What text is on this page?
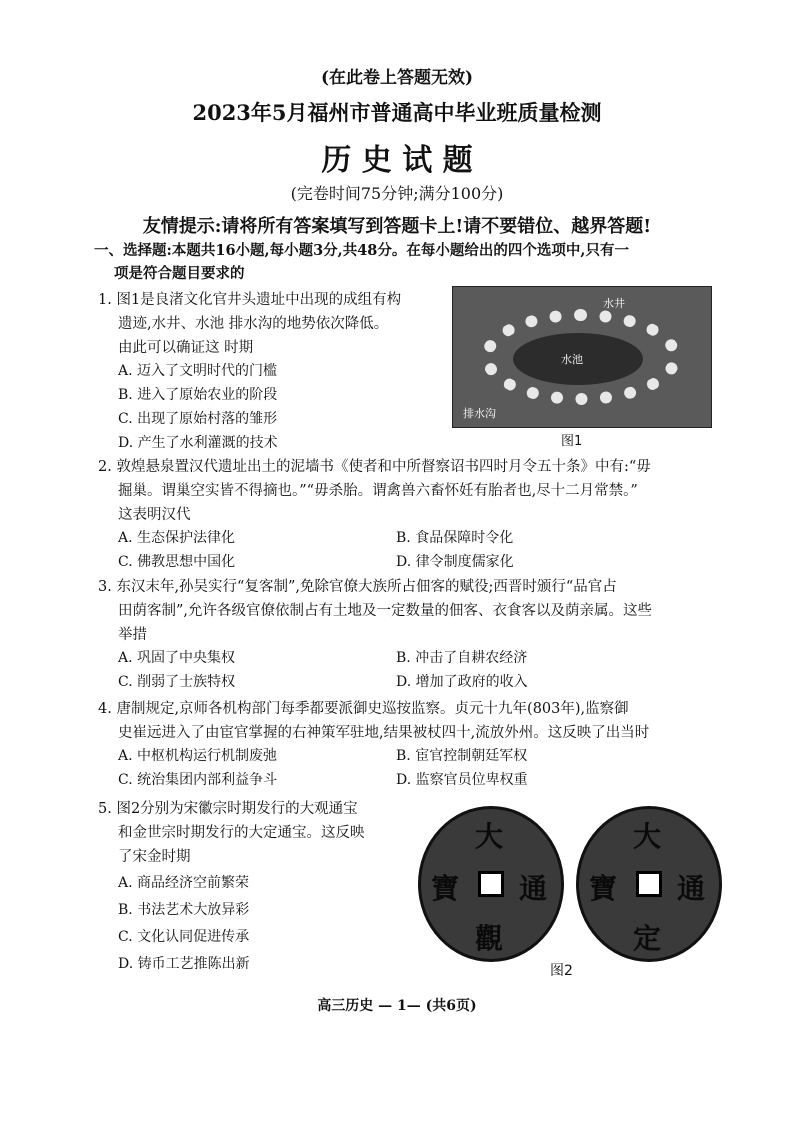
(在此卷上答题无效)
2023年5月福州市普通高中毕业班质量检测
历 史 试 题
(完卷时间75分钟;满分100分)
友情提示:请将所有答案填写到答题卡上!请不要错位、越界答题!
一、选择题:本题共16小题,每小题3分,共48分。在每小题给出的四个选项中,只有一
项是符合题目要求的
1. 图1是良渚文化官井头遗址中出现的成组有构
遗迹,水井、水池 排水沟的地势依次降低。
由此可以确证这 时期
A. 迈入了文明时代的门槛
B. 进入了原始农业的阶段
C. 出现了原始村落的雏形
D. 产生了水利灌溉的技术
水井
水池
排水沟
图1
2. 敦煌悬泉置汉代遗址出土的泥墙书《使者和中所督察诏书四时月令五十条》中有:“毋
掘巢。谓巢空实皆不得摘也。”“毋杀胎。谓禽兽六畜怀妊有胎者也,尽十二月常禁。”
这表明汉代
A. 生态保护法律化	B. 食品保障时令化
C. 佛教思想中国化	D. 律令制度儒家化
3. 东汉末年,孙吴实行“复客制”,免除官僚大族所占佃客的赋役;西晋时颁行“品官占
田荫客制”,允许各级官僚依制占有土地及一定数量的佃客、衣食客以及荫亲属。这些
举措
A. 巩固了中央集权	B. 冲击了自耕农经济
C. 削弱了士族特权	D. 增加了政府的收入
4. 唐制规定,京师各机构部门每季都要派御史巡按监察。贞元十九年(803年),监察御
史崔远进入了由宦官掌握的右神策军驻地,结果被杖四十,流放外州。这反映了出当时
A. 中枢机构运行机制废弛	B. 宦官控制朝廷军权
C. 统治集团内部利益争斗	D. 监察官员位卑权重
5. 图2分别为宋徽宗时期发行的大观通宝
和金世宗时期发行的大定通宝。这反映
了宋金时期
A. 商品经济空前繁荣
B. 书法艺术大放异彩
C. 文化认同促进传承
D. 铸币工艺推陈出新
大
通
觀
寶
大
通
定
寶
图2
高三历史 — 1— (共6页)
